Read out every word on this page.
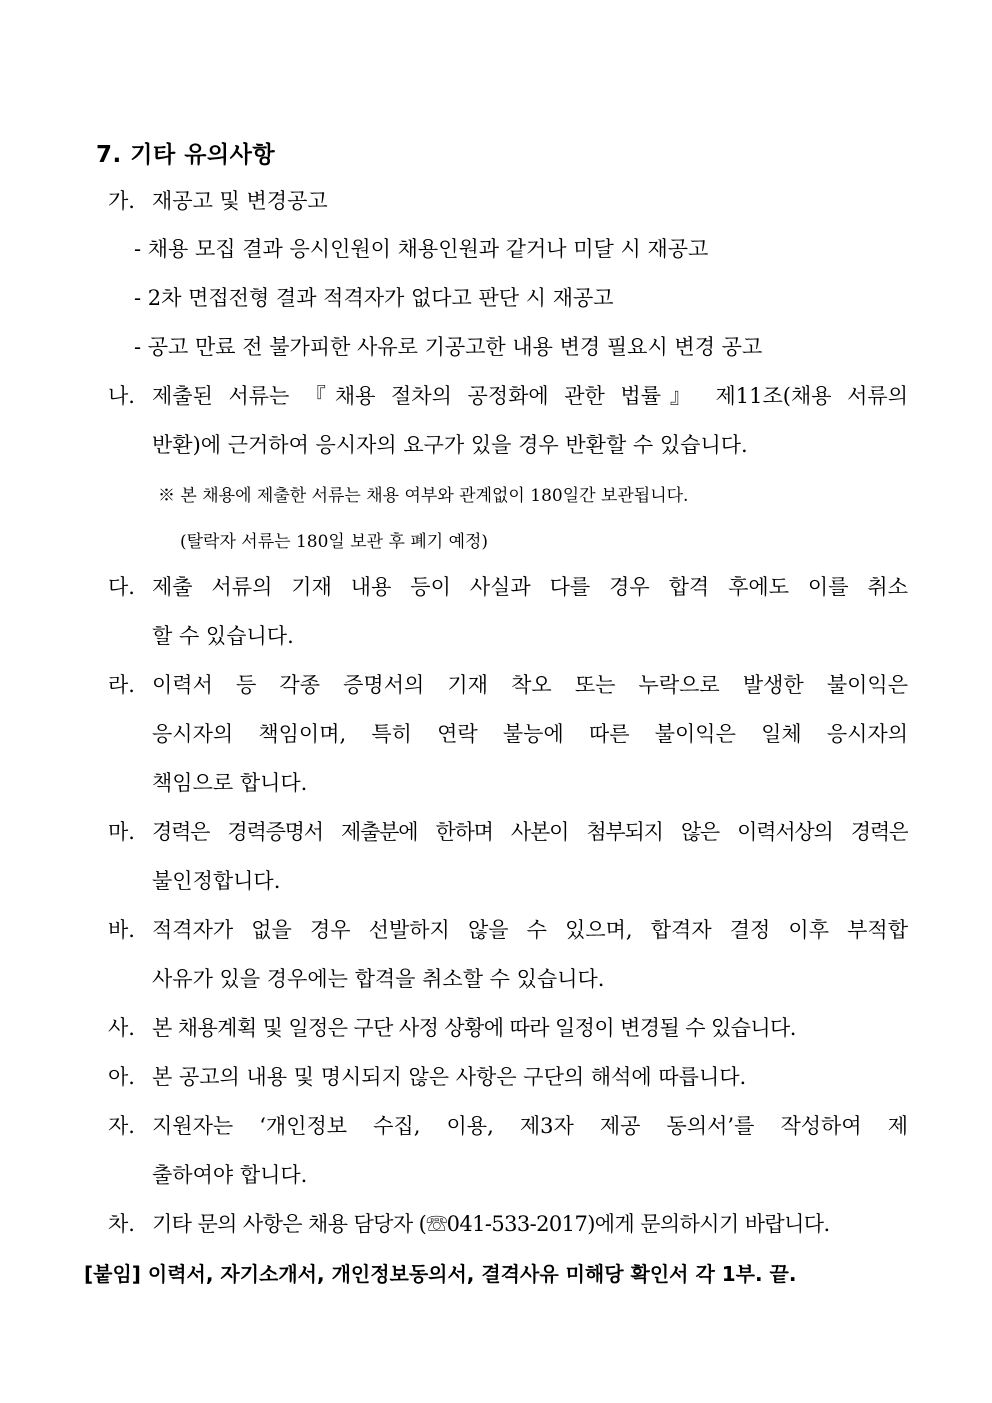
7. 기타 유의사항
가. 재공고 및 변경공고
- 채용 모집 결과 응시인원이 채용인원과 같거나 미달 시 재공고
- 2차 면접전형 결과 적격자가 없다고 판단 시 재공고
- 공고 만료 전 불가피한 사유로 기공고한 내용 변경 필요시 변경 공고
나. 제출된 서류는 『채용 절차의 공정화에 관한 법률』 제11조(채용 서류의
반환)에 근거하여 응시자의 요구가 있을 경우 반환할 수 있습니다.
※ 본 채용에 제출한 서류는 채용 여부와 관계없이 180일간 보관됩니다.
(탈락자 서류는 180일 보관 후 폐기 예정)
다. 제출 서류의 기재 내용 등이 사실과 다를 경우 합격 후에도 이를 취소
할 수 있습니다.
라. 이력서 등 각종 증명서의 기재 착오 또는 누락으로 발생한 불이익은
응시자의 책임이며, 특히 연락 불능에 따른 불이익은 일체 응시자의
책임으로 합니다.
마. 경력은 경력증명서 제출분에 한하며 사본이 첨부되지 않은 이력서상의 경력은
불인정합니다.
바. 적격자가 없을 경우 선발하지 않을 수 있으며, 합격자 결정 이후 부적합
사유가 있을 경우에는 합격을 취소할 수 있습니다.
사. 본 채용계획 및 일정은 구단 사정 상황에 따라 일정이 변경될 수 있습니다.
아. 본 공고의 내용 및 명시되지 않은 사항은 구단의 해석에 따릅니다.
자. 지원자는 ‘개인정보 수집, 이용, 제3자 제공 동의서’를 작성하여 제
출하여야 합니다.
차. 기타 문의 사항은 채용 담당자 (☏041-533-2017)에게 문의하시기 바랍니다.
[붙임] 이력서, 자기소개서, 개인정보동의서, 결격사유 미해당 확인서 각 1부. 끝.
